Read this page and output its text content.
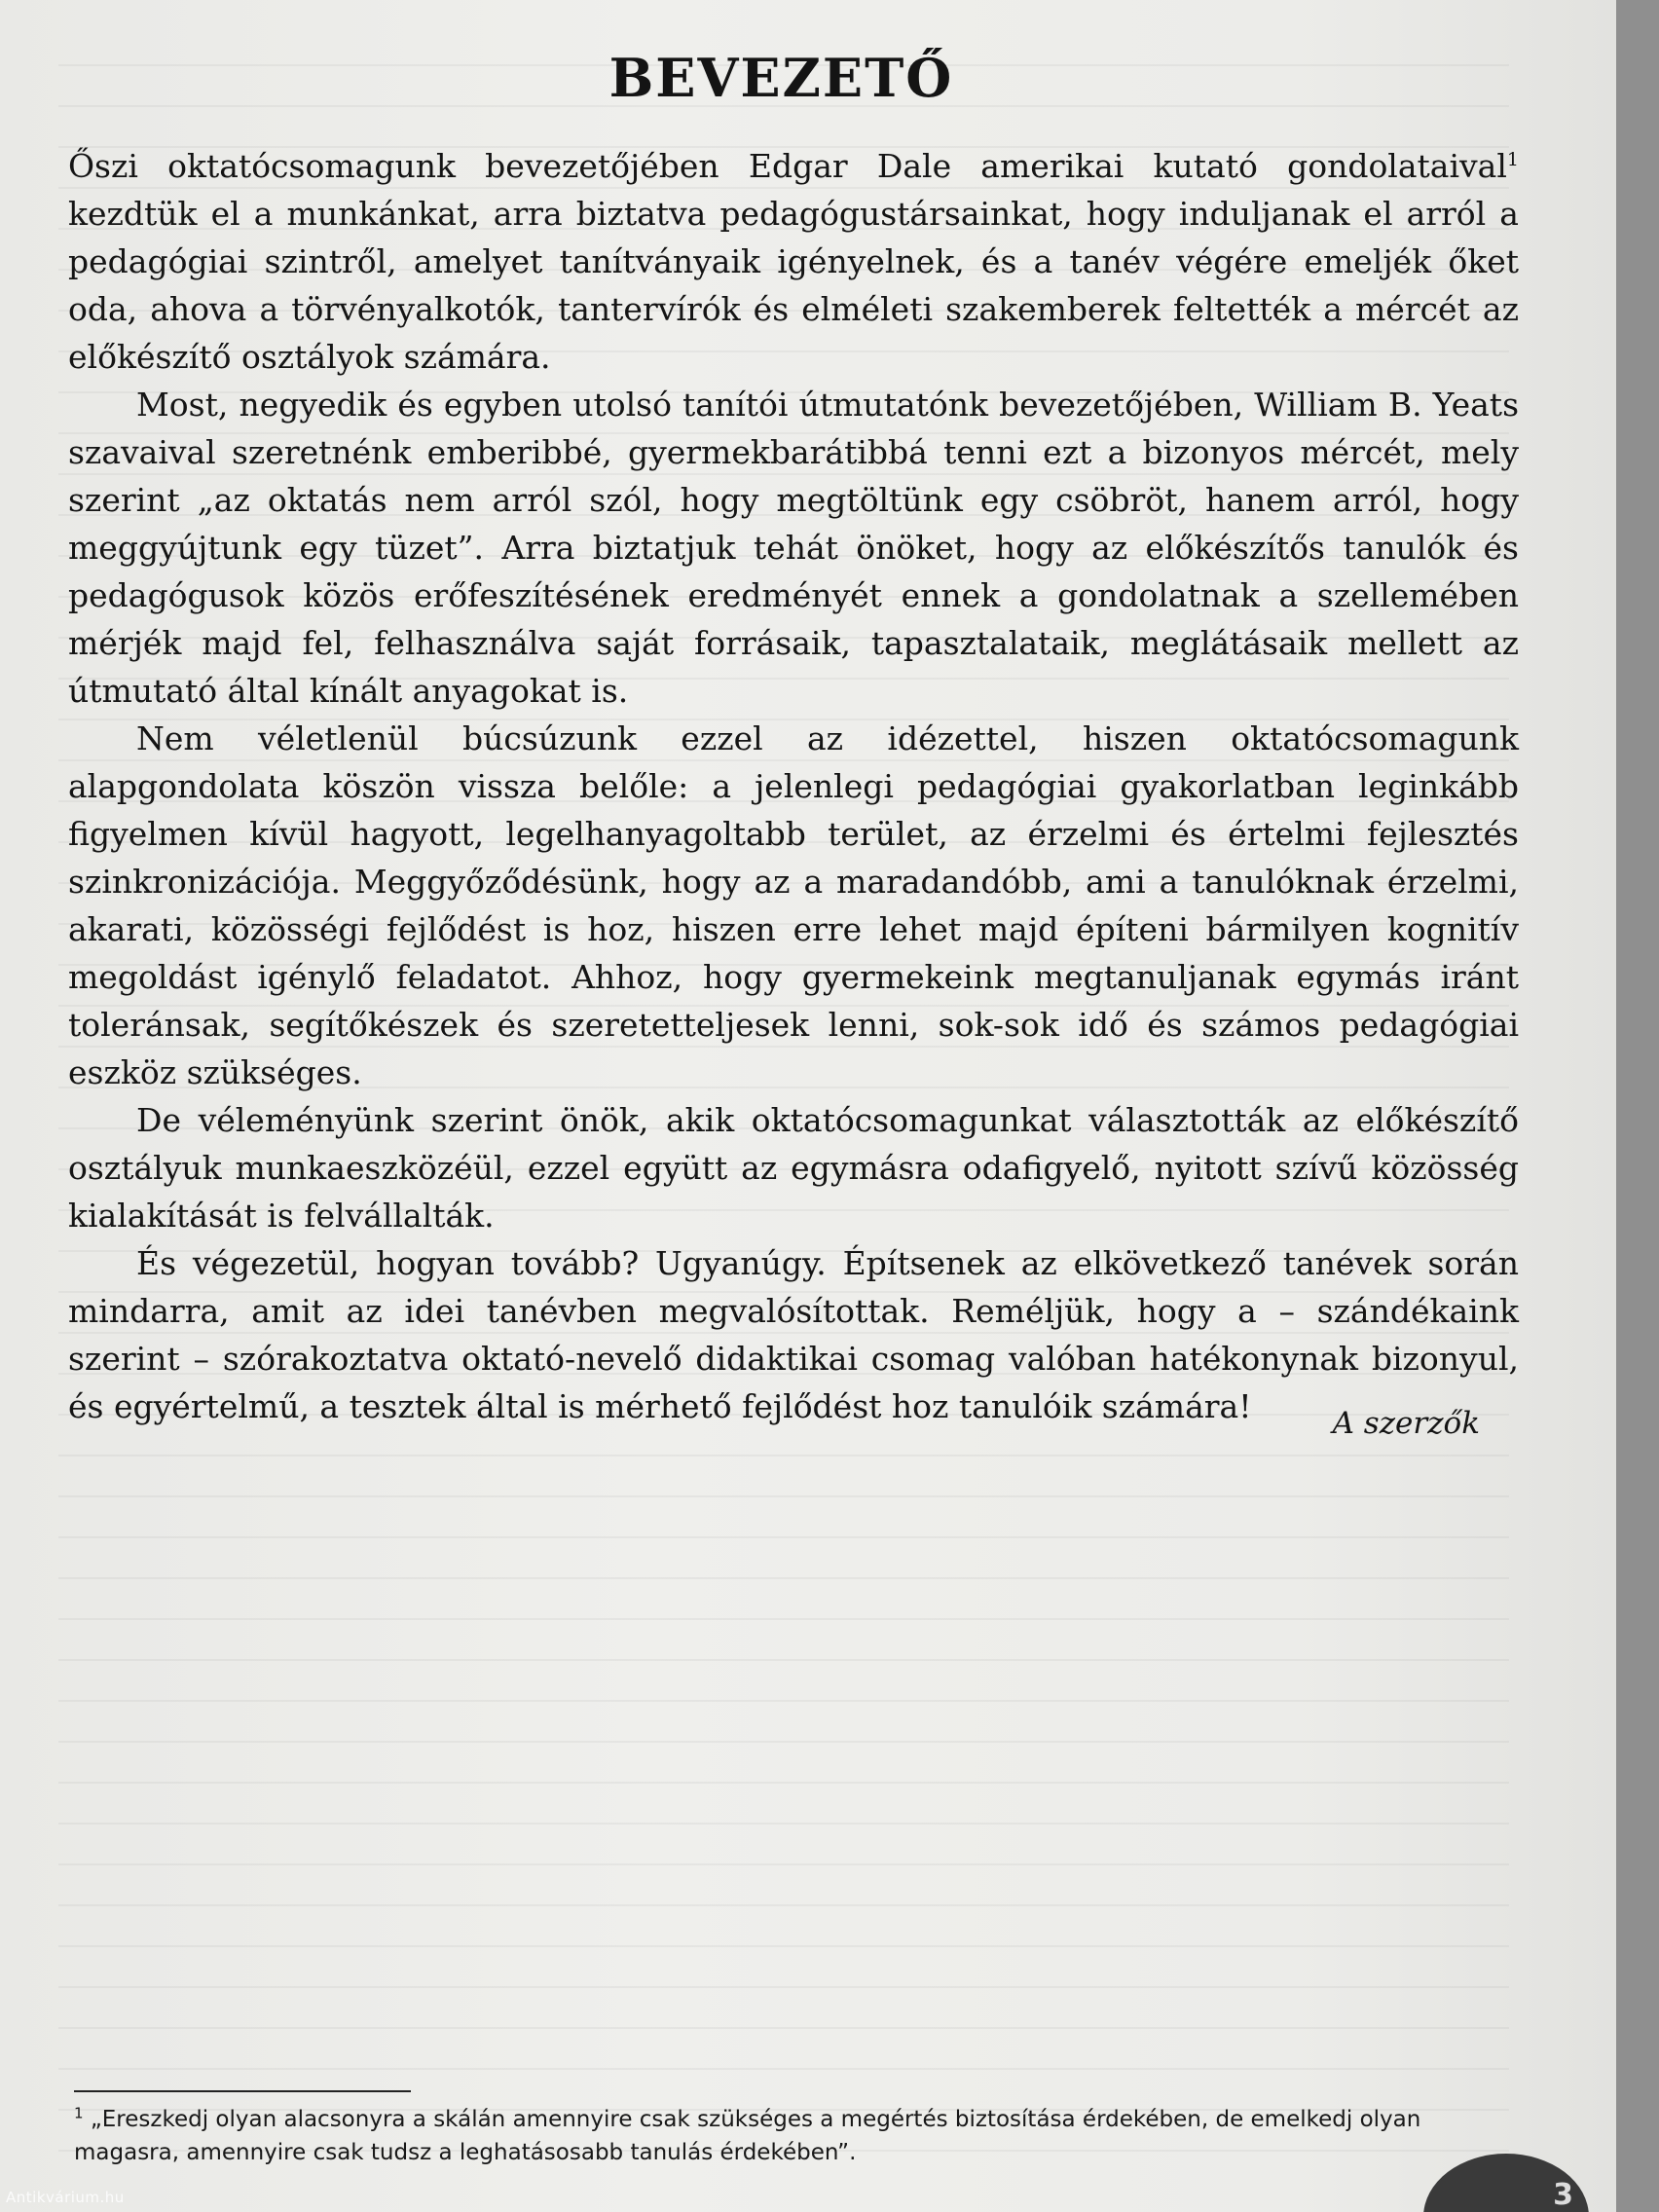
BEVEZETŐ

Őszi oktatócsomagunk bevezetőjében Edgar Dale amerikai kutató gondolataival$^1$ kezdtük el a munkánkat, arra biztatva pedagógustársainkat, hogy induljanak el arról a pedagógiai szintről, amelyet tanítványaik igényelnek, és a tanév végére emeljék őket oda, ahova a törvényalkotók, tantervírók és elméleti szakemberek feltették a mércét az előkészítő osztályok számára.

Most, negyedik és egyben utolsó tanítói útmutatónk bevezetőjében, William B. Yeats szavaival szeretnénk emberibbé, gyermekbarátibbá tenni ezt a bizonyos mércét, mely szerint „az oktatás nem arról szól, hogy megtöltünk egy csöbröt, hanem arról, hogy meggyújtunk egy tüzet”. Arra biztatjuk tehát önöket, hogy az előkészítős tanulók és pedagógusok közös erőfeszítésének eredményét ennek a gondolatnak a szellemében mérjék majd fel, felhasználva saját forrásaik, tapasztalataik, meglátásaik mellett az útmutató által kínált anyagokat is.

Nem véletlenül búcsúzunk ezzel az idézettel, hiszen oktatócsomagunk alapgondolata köszön vissza belőle: a jelenlegi pedagógiai gyakorlatban leginkább figyelmen kívül hagyott, legelhanyagoltabb terület, az érzelmi és értelmi fejlesztés szinkronizációja. Meggyőződésünk, hogy az a maradandóbb, ami a tanulóknak érzelmi, akarati, közösségi fejlődést is hoz, hiszen erre lehet majd építeni bármilyen kognitív megoldást igénylő feladatot. Ahhoz, hogy gyermekeink megtanuljanak egymás iránt toleránsak, segítőkészek és szeretetteljesek lenni, sok-sok idő és számos pedagógiai eszköz szükséges.

De véleményünk szerint önök, akik oktatócsomagunkat választották az előkészítő osztályuk munkaeszközéül, ezzel együtt az egymásra odafigyelő, nyitott szívű közösség kialakítását is felvállalták.

És végezetül, hogyan tovább? Ugyanúgy. Építsenek az elkövetkező tanévek során mindarra, amit az idei tanévben megvalósítottak. Reméljük, hogy a – szándékaink szerint – szórakoztatva oktató-nevelő didaktikai csomag valóban hatékonynak bizonyul, és egyértelmű, a tesztek által is mérhető fejlődést hoz tanulóik számára!	A szerzők
$^1$ „Ereszkedj olyan alacsonyra a skálán amennyire csak szükséges a megértés biztosítása érdekében, de emelkedj olyan magasra, amennyire csak tudsz a leghatásosabb tanulás érdekében”.
3
Antikvárium.hu
